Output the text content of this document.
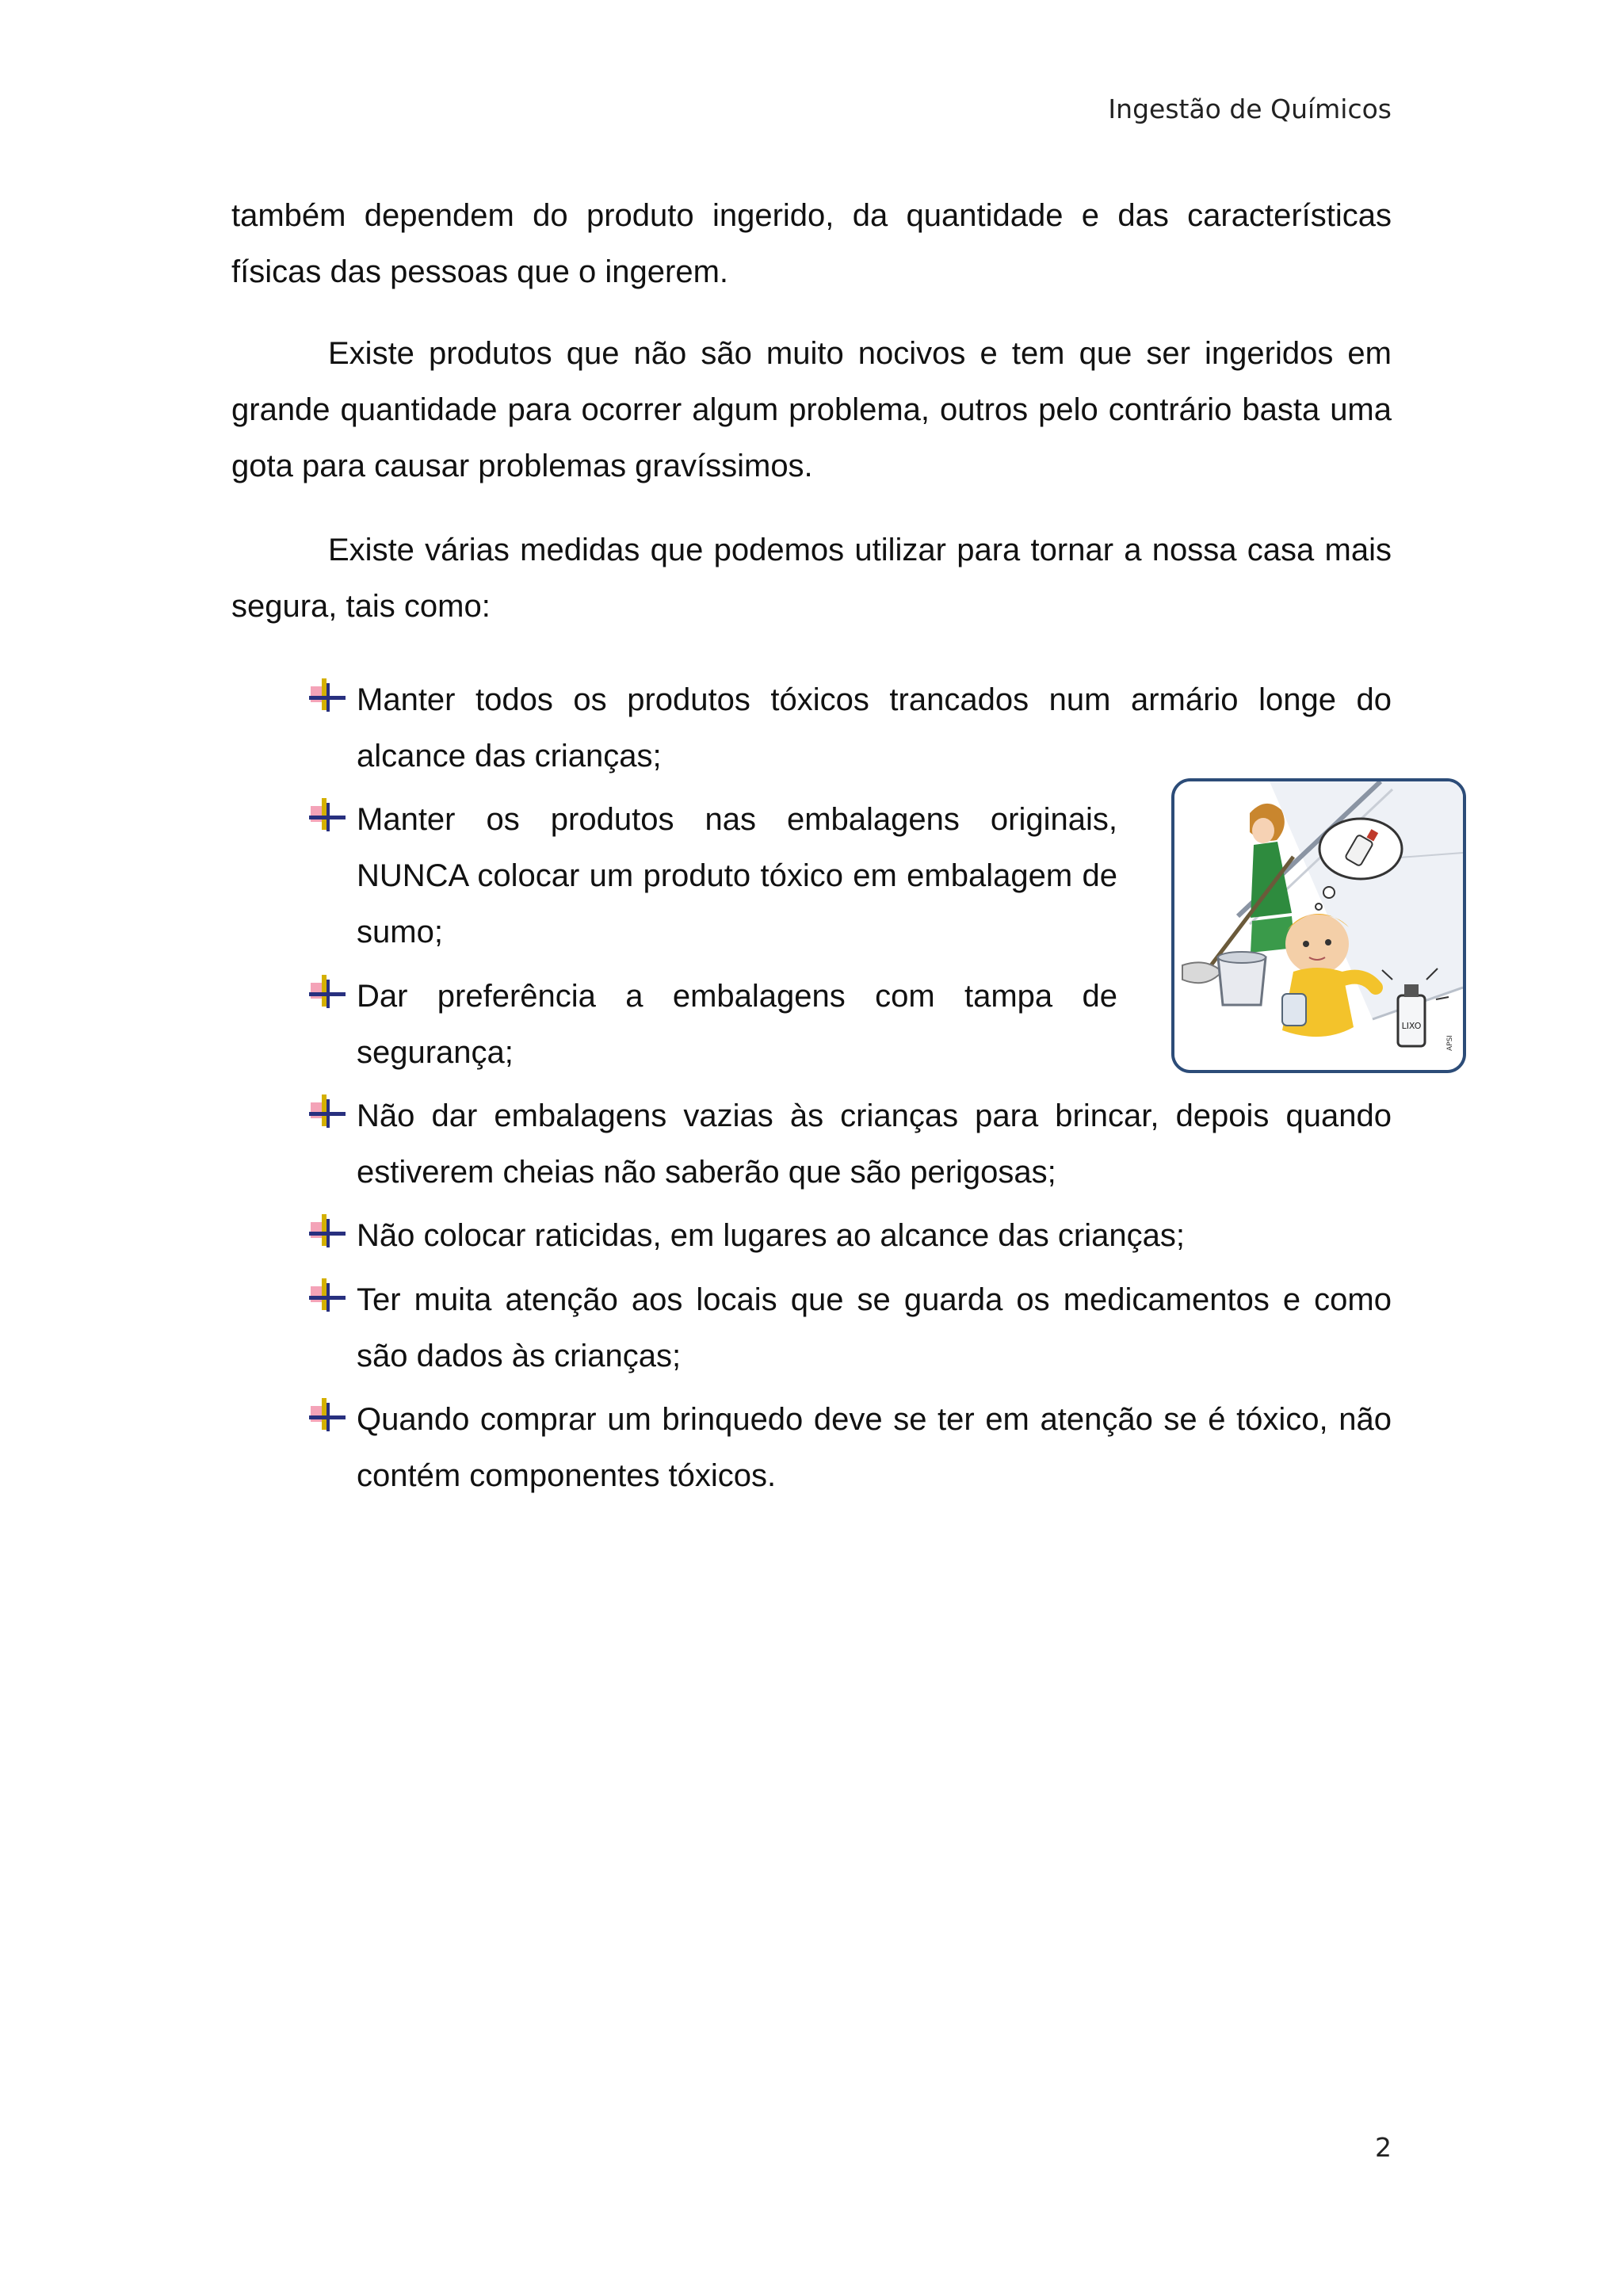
Ingestão de Químicos

também dependem do produto ingerido, da quantidade e das características físicas das pessoas que o ingerem.

Existe produtos que não são muito nocivos e tem que ser ingeridos em grande quantidade para ocorrer algum problema, outros pelo contrário basta uma gota para causar problemas gravíssimos.

Existe várias medidas que podemos utilizar para tornar a nossa casa mais segura, tais como:

Manter todos os produtos tóxicos trancados num armário longe do alcance das crianças;

Manter os produtos nas embalagens originais, NUNCA colocar um produto tóxico em embalagem de sumo;

Dar preferência a embalagens com tampa de segurança;

Não dar embalagens vazias às crianças para brincar, depois quando estiverem cheias não saberão que são perigosas;

Não colocar raticidas, em lugares ao alcance das crianças;

Ter muita atenção aos locais que se guarda os medicamentos e como são dados às crianças;

Quando comprar um brinquedo deve se ter em atenção se é tóxico, não contém componentes tóxicos.

LIXO
APSI
2
